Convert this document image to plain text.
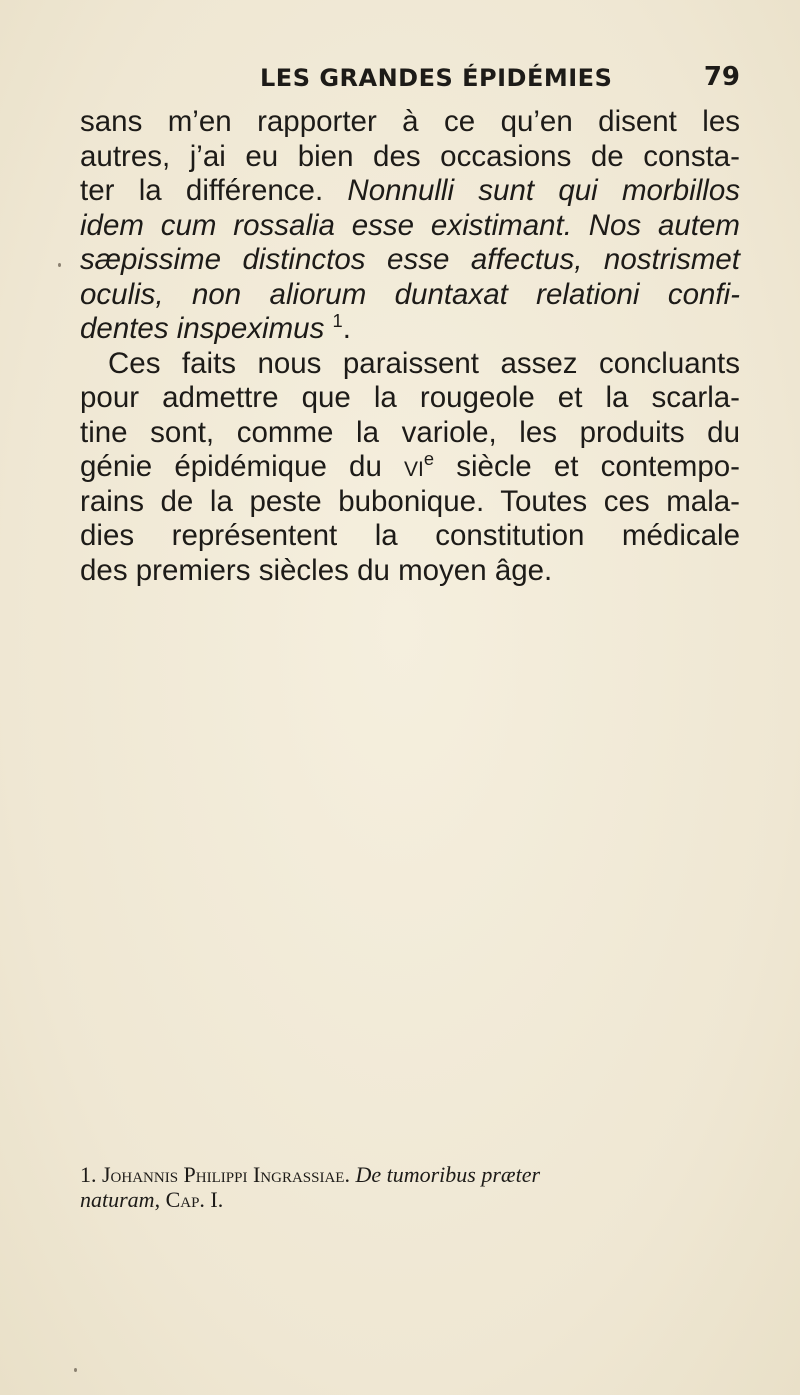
LES GRANDES ÉPIDÉMIES	79
sans m’en rapporter à ce qu’en disent les
autres, j’ai eu bien des occasions de consta-
ter la différence. Nonnulli sunt qui morbillos
idem cum rossalia esse existimant. Nos autem
sæpissime distinctos esse affectus, nostrismet
oculis, non aliorum duntaxat relationi confi-
dentes inspeximus $^1$.
Ces faits nous paraissent assez concluants
pour admettre que la rougeole et la scarla-
tine sont, comme la variole, les produits du
génie épidémique du $vi^e$ siècle et contempo-
rains de la peste bubonique. Toutes ces mala-
dies représentent la constitution médicale
des premiers siècles du moyen âge.
1. Johannis Philippi Ingrassiae. De tumoribus præter
naturam, Cap. I.
